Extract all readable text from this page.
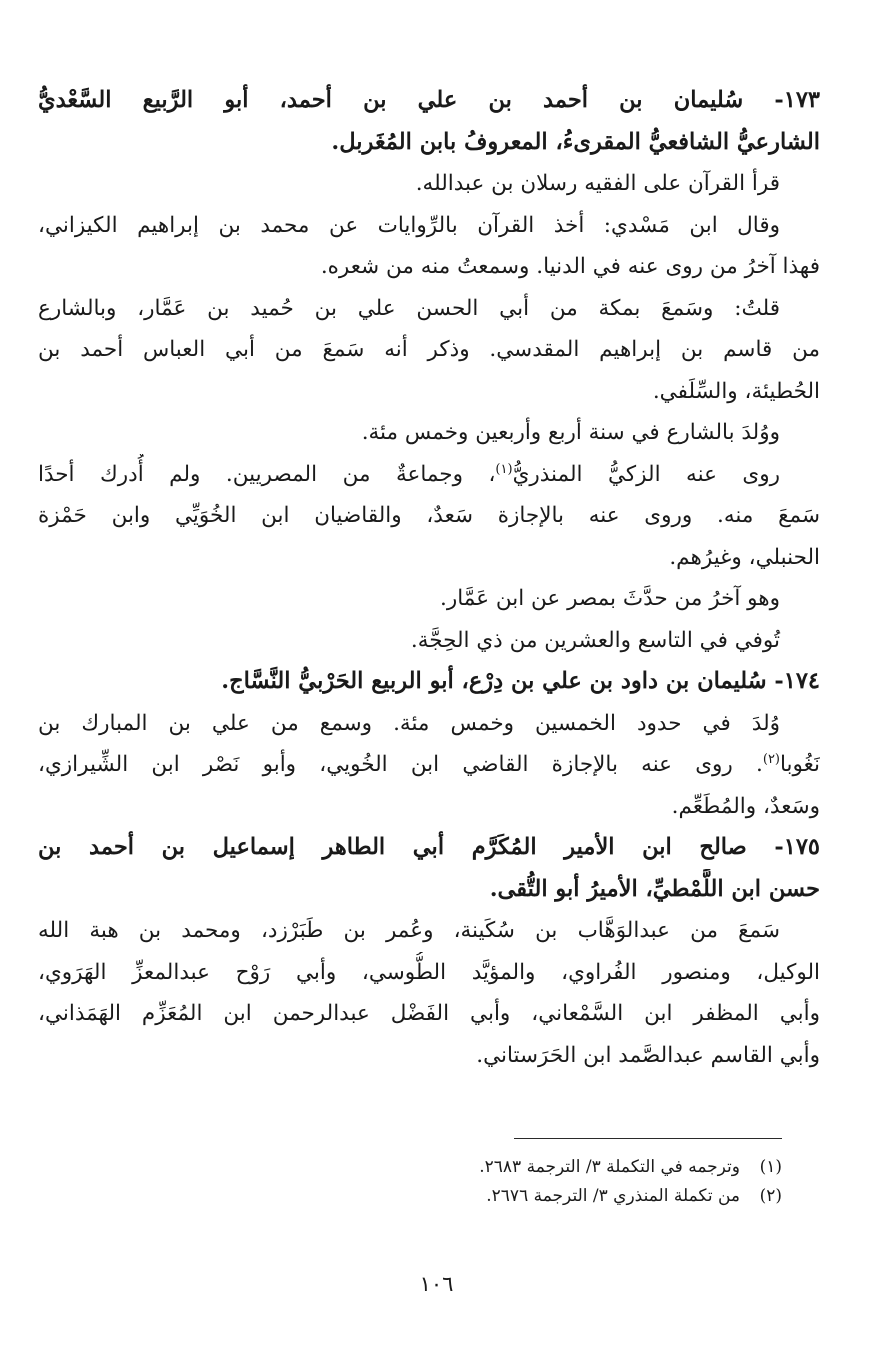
١٧٣- سُليمان بن أحمد بن علي بن أحمد، أبو الرَّبيع السَّعْديُّ
الشارعيُّ الشافعيُّ المقرىءُ، المعروفُ بابن المُغَربل.
قرأ القرآن على الفقيه رسلان بن عبدالله.
وقال ابن مَسْدي: أخذ القرآن بالرِّوايات عن محمد بن إبراهيم الكيزاني،
فهذا آخرُ من روى عنه في الدنيا. وسمعتُ منه من شعره.
قلتُ: وسَمعَ بمكة من أبي الحسن علي بن حُميد بن عَمَّار، وبالشارع
من قاسم بن إبراهيم المقدسي. وذكر أنه سَمعَ من أبي العباس أحمد بن
الحُطيئة، والسِّلَفي.
ووُلدَ بالشارع في سنة أربع وأربعين وخمس مئة.
روى عنه الزكيُّ المنذريُّ$^{(١)}$، وجماعةٌ من المصريين. ولم أُدرك أحدًا
سَمعَ منه. وروى عنه بالإجازة سَعدٌ، والقاضيان ابن الخُوَيِّي وابن حَمْزة
الحنبلي، وغيرُهم.
وهو آخرُ من حدَّثَ بمصر عن ابن عَمَّار.
تُوفي في التاسع والعشرين من ذي الحِجَّة.
١٧٤- سُليمان بن داود بن علي بن دِرْع، أبو الربيع الحَرْبيُّ النَّسَّاج.
وُلدَ في حدود الخمسين وخمس مئة. وسمع من علي بن المبارك بن
نَغُوبا$^{(٢)}$. روى عنه بالإجازة القاضي ابن الخُويي، وأبو نَصْر ابن الشِّيرازي،
وسَعدٌ، والمُطَعِّم.
١٧٥- صالح ابن الأمير المُكَرَّم أبي الطاهر إسماعيل بن أحمد بن
حسن ابن اللَّمْطيِّ، الأميرُ أبو التُّقى.
سَمعَ من عبدالوَهَّاب بن سُكَينة، وعُمر بن طَبَرْزد، ومحمد بن هبة الله
الوكيل، ومنصور الفُراوي، والمؤيَّد الطُّوسي، وأبي رَوْح عبدالمعزِّ الهَرَوي،
وأبي المظفر ابن السَّمْعاني، وأبي الفَضْل عبدالرحمن ابن المُعَزِّم الهَمَذاني،
وأبي القاسم عبدالصَّمد ابن الحَرَستاني.
(١)
وترجمه في التكملة ٣/ الترجمة ٢٦٨٣.
(٢)
من تكملة المنذري ٣/ الترجمة ٢٦٧٦.
١٠٦
